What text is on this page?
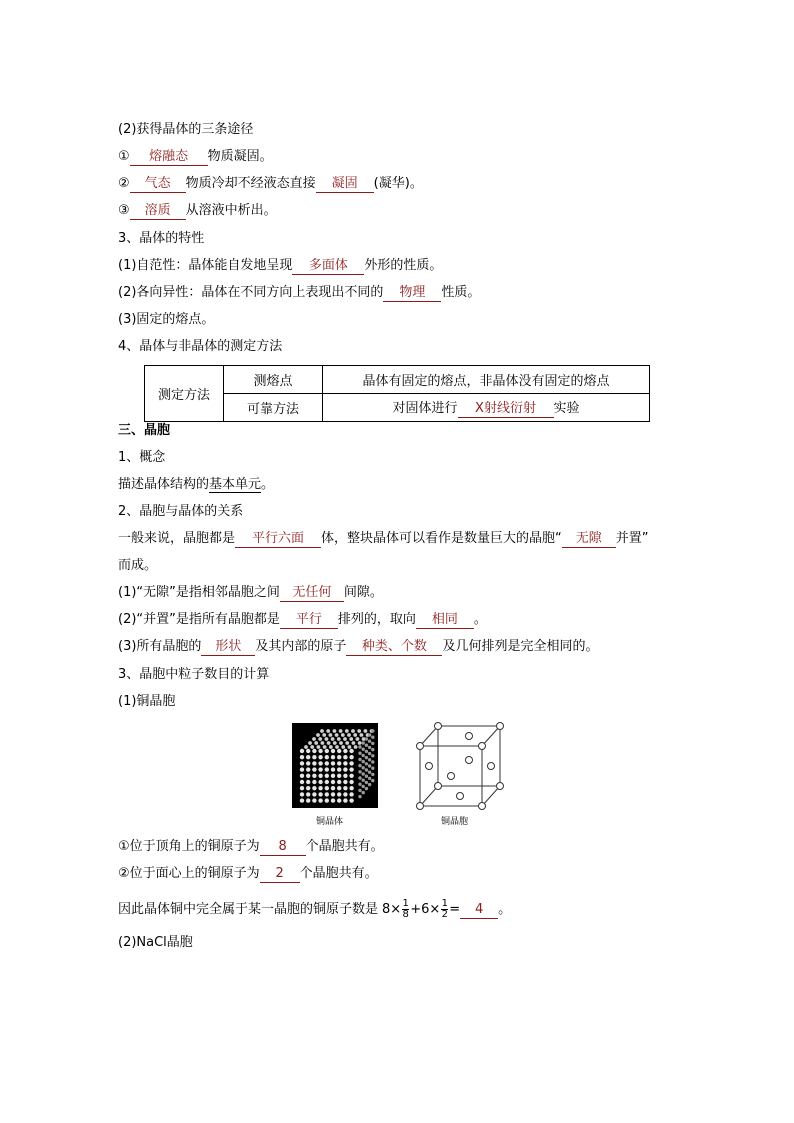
(2)获得晶体的三条途径
① 熔融态 物质凝固。
② 气态 物质冷却不经液态直接 凝固 (凝华)。
③ 溶质 从溶液中析出。
3、晶体的特性
(1)自范性：晶体能自发地呈现 多面体 外形的性质。
(2)各向异性：晶体在不同方向上表现出不同的 物理 性质。
(3)固定的熔点。
4、晶体与非晶体的测定方法
测定方法	测熔点	晶体有固定的熔点，非晶体没有固定的熔点
	可靠方法	对固体进行 X射线衍射 实验
三、晶胞
1、概念
描述晶体结构的基本单元。
2、晶胞与晶体的关系
一般来说，晶胞都是 平行六面 体，整块晶体可以看作是数量巨大的晶胞“ 无隙 并置”
而成。
(1)“无隙”是指相邻晶胞之间 无任何 间隙。
(2)“并置”是指所有晶胞都是 平行 排列的，取向 相同 。
(3)所有晶胞的 形状 及其内部的原子 种类、个数 及几何排列是完全相同的。
3、晶胞中粒子数目的计算
(1)铜晶胞
铜晶体	铜晶胞
①位于顶角上的铜原子为 8 个晶胞共有。
②位于面心上的铜原子为 2 个晶胞共有。
因此晶体铜中完全属于某一晶胞的铜原子数是 $8\times \frac{1}{8} +6\times \frac{1}{2} = 4$ 。
(2)NaCl晶胞
